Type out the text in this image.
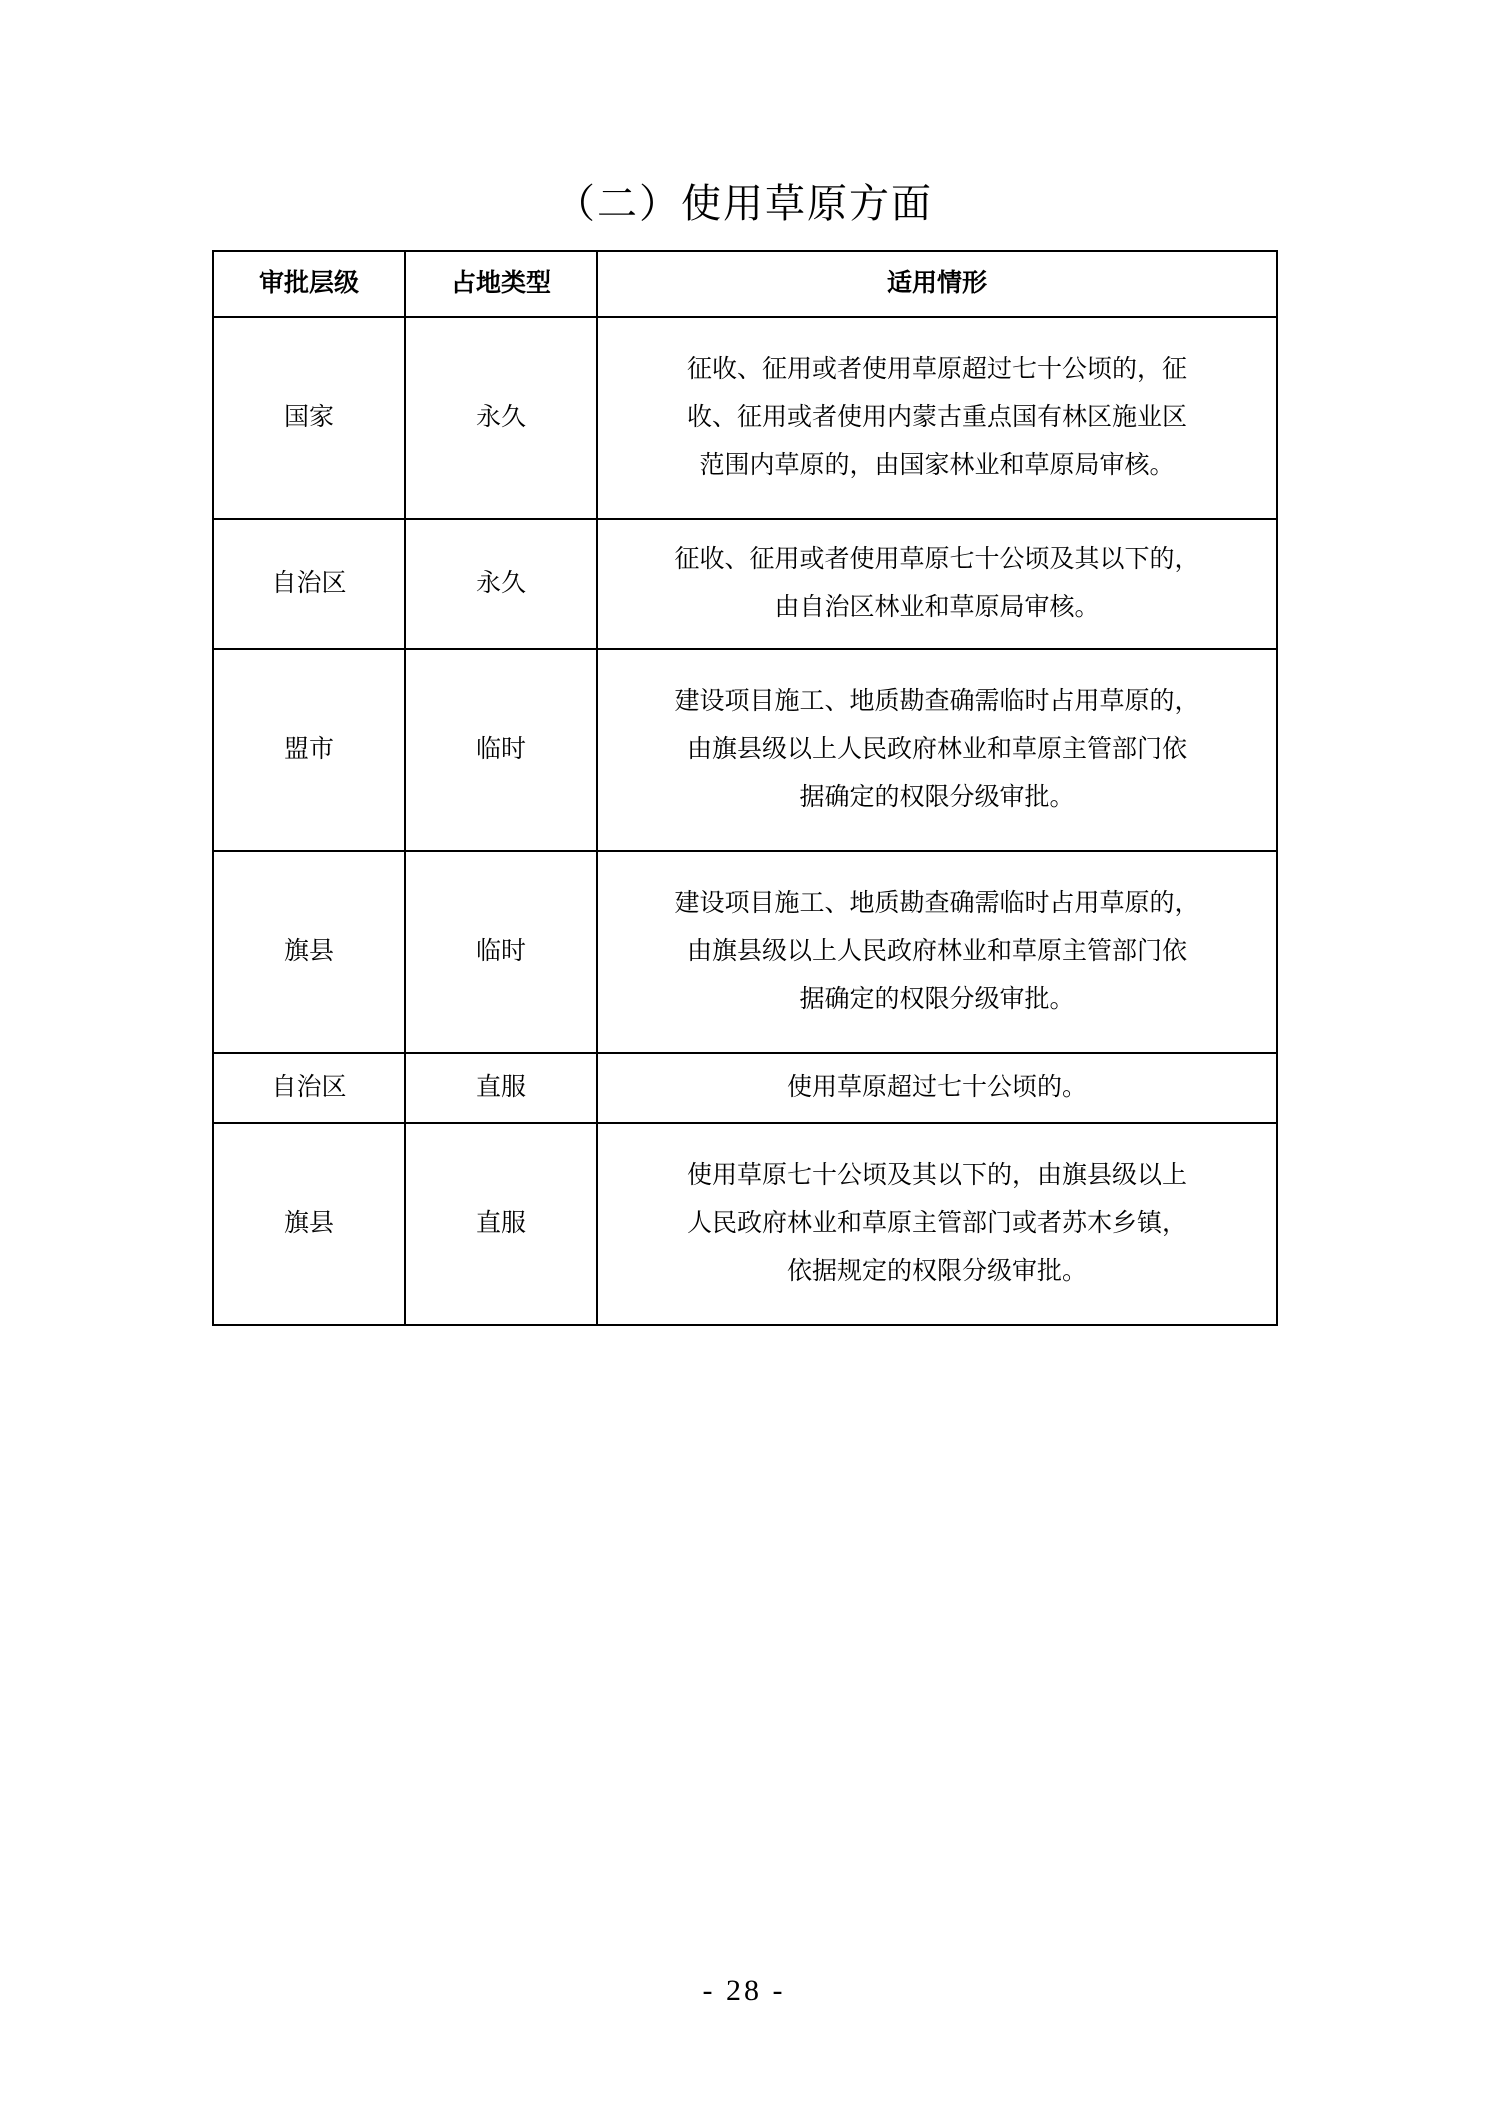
（二）使用草原方面
审批层级	占地类型	适用情形
国家	永久	征收、征用或者使用草原超过七十公顷的，征

收、征用或者使用内蒙古重点国有林区施业区

范围内草原的，由国家林业和草原局审核。

自治区	永久	征收、征用或者使用草原七十公顷及其以下的，

由自治区林业和草原局审核。

盟市	临时	建设项目施工、地质勘查确需临时占用草原的，

由旗县级以上人民政府林业和草原主管部门依

据确定的权限分级审批。

旗县	临时	建设项目施工、地质勘查确需临时占用草原的，

由旗县级以上人民政府林业和草原主管部门依

据确定的权限分级审批。

自治区	直服	使用草原超过七十公顷的。

旗县	直服	使用草原七十公顷及其以下的，由旗县级以上

人民政府林业和草原主管部门或者苏木乡镇，

依据规定的权限分级审批。

- 28 -
